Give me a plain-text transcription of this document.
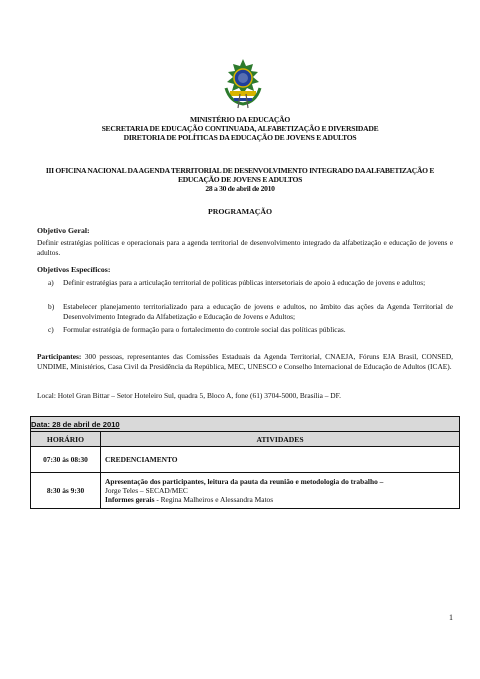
MINISTÉRIO DA EDUCAÇÃO
SECRETARIA DE EDUCAÇÃO CONTINUADA, ALFABETIZAÇÃO E DIVERSIDADE
DIRETORIA DE POLÍTICAS DA EDUCAÇÃO DE JOVENS E ADULTOS
III OFICINA NACIONAL DA AGENDA TERRITORIAL DE DESENVOLVIMENTO INTEGRADO DA ALFABETIZAÇÃO E
EDUCAÇÃO DE JOVENS E ADULTOS
28 a 30 de abril de 2010
PROGRAMAÇÃO
Objetivo Geral:
Definir estratégias políticas e operacionais para a agenda territorial de desenvolvimento integrado da alfabetização e educação de jovens e adultos.
Objetivos Específicos:
a) Definir estratégias para a articulação territorial de políticas públicas intersetoriais de apoio à educação de jovens e adultos;
b) Estabelecer planejamento territorializado para a educação de jovens e adultos, no âmbito das ações da Agenda Territorial de Desenvolvimento Integrado da Alfabetização e Educação de Jovens e Adultos;
c) Formular estratégia de formação para o fortalecimento do controle social das políticas públicas.
Participantes: 300 pessoas, representantes das Comissões Estaduais da Agenda Territorial, CNAEJA, Fóruns EJA Brasil, CONSED, UNDIME, Ministérios, Casa Civil da Presidência da República, MEC, UNESCO e Conselho Internacional de Educação de Adultos (ICAE).
Local: Hotel Gran Bittar – Setor Hoteleiro Sul, quadra 5, Bloco A, fone (61) 3704-5000, Brasília – DF.
Data: 28 de abril de 2010	
HORÁRIO	ATIVIDADES
07:30 às 08:30	CREDENCIAMENTO
8:30 às 9:30	Apresentação dos participantes, leitura da pauta da reunião e metodologia do trabalho –
Jorge Teles – SECAD/MEC
Informes gerais - Regina Malheiros e Alessandra Matos
1
